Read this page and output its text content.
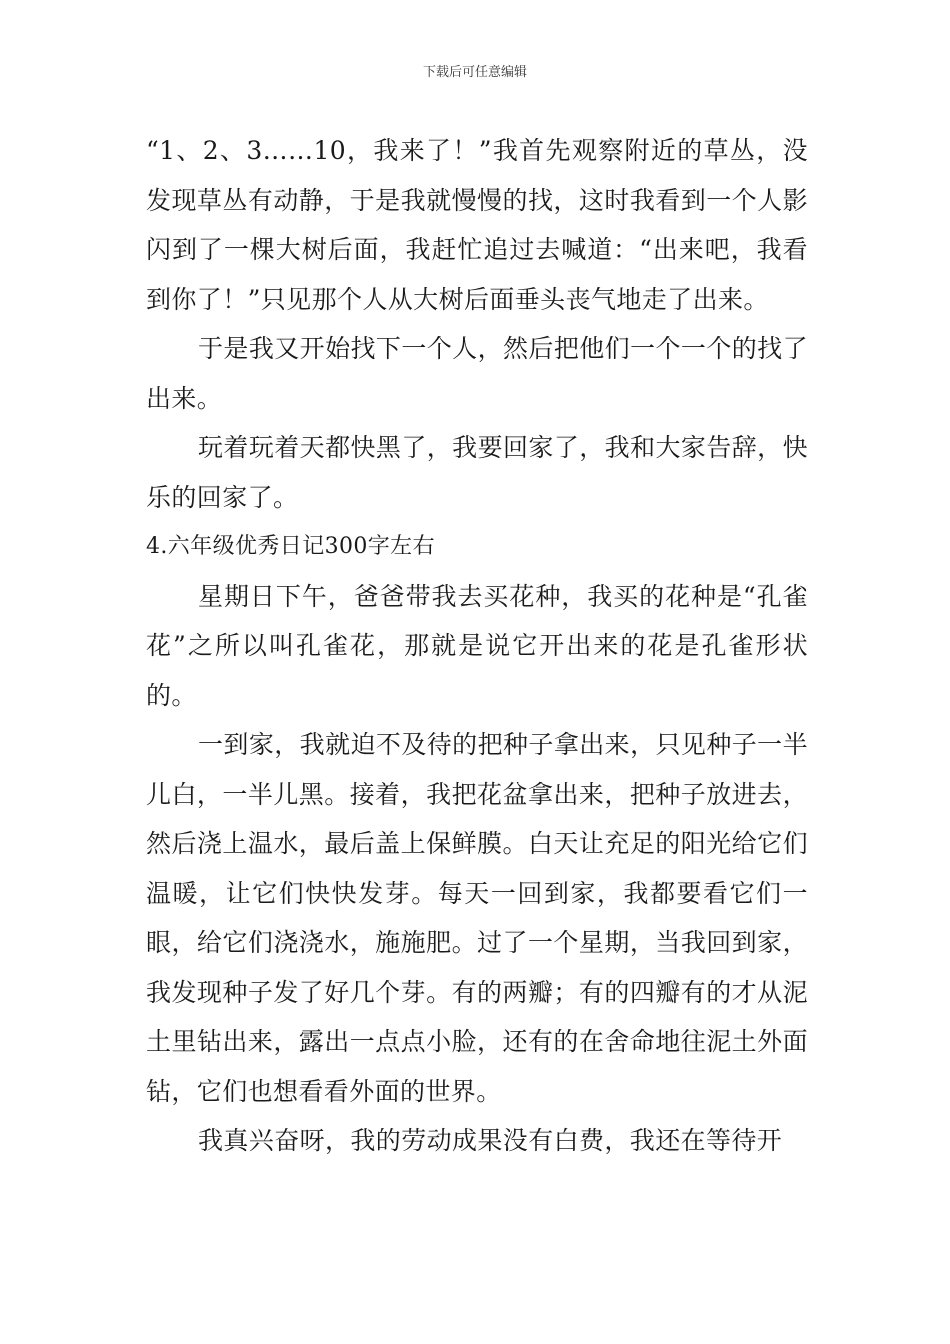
下载后可任意编辑

“1、2、3……10，我来了！”我首先观察附近的草丛，没发现草丛有动静，于是我就慢慢的找，这时我看到一个人影闪到了一棵大树后面，我赶忙追过去喊道：“出来吧，我看到你了！”只见那个人从大树后面垂头丧气地走了出来。

于是我又开始找下一个人，然后把他们一个一个的找了出来。

玩着玩着天都快黑了，我要回家了，我和大家告辞，快乐的回家了。

4.六年级优秀日记300字左右

星期日下午，爸爸带我去买花种，我买的花种是“孔雀花”之所以叫孔雀花，那就是说它开出来的花是孔雀形状的。

一到家，我就迫不及待的把种子拿出来，只见种子一半儿白，一半儿黑。接着，我把花盆拿出来，把种子放进去，然后浇上温水，最后盖上保鲜膜。白天让充足的阳光给它们温暖，让它们快快发芽。每天一回到家，我都要看它们一眼，给它们浇浇水，施施肥。过了一个星期，当我回到家，我发现种子发了好几个芽。有的两瓣；有的四瓣有的才从泥土里钻出来，露出一点点小脸，还有的在舍命地往泥土外面钻，它们也想看看外面的世界。

我真兴奋呀，我的劳动成果没有白费，我还在等待开
